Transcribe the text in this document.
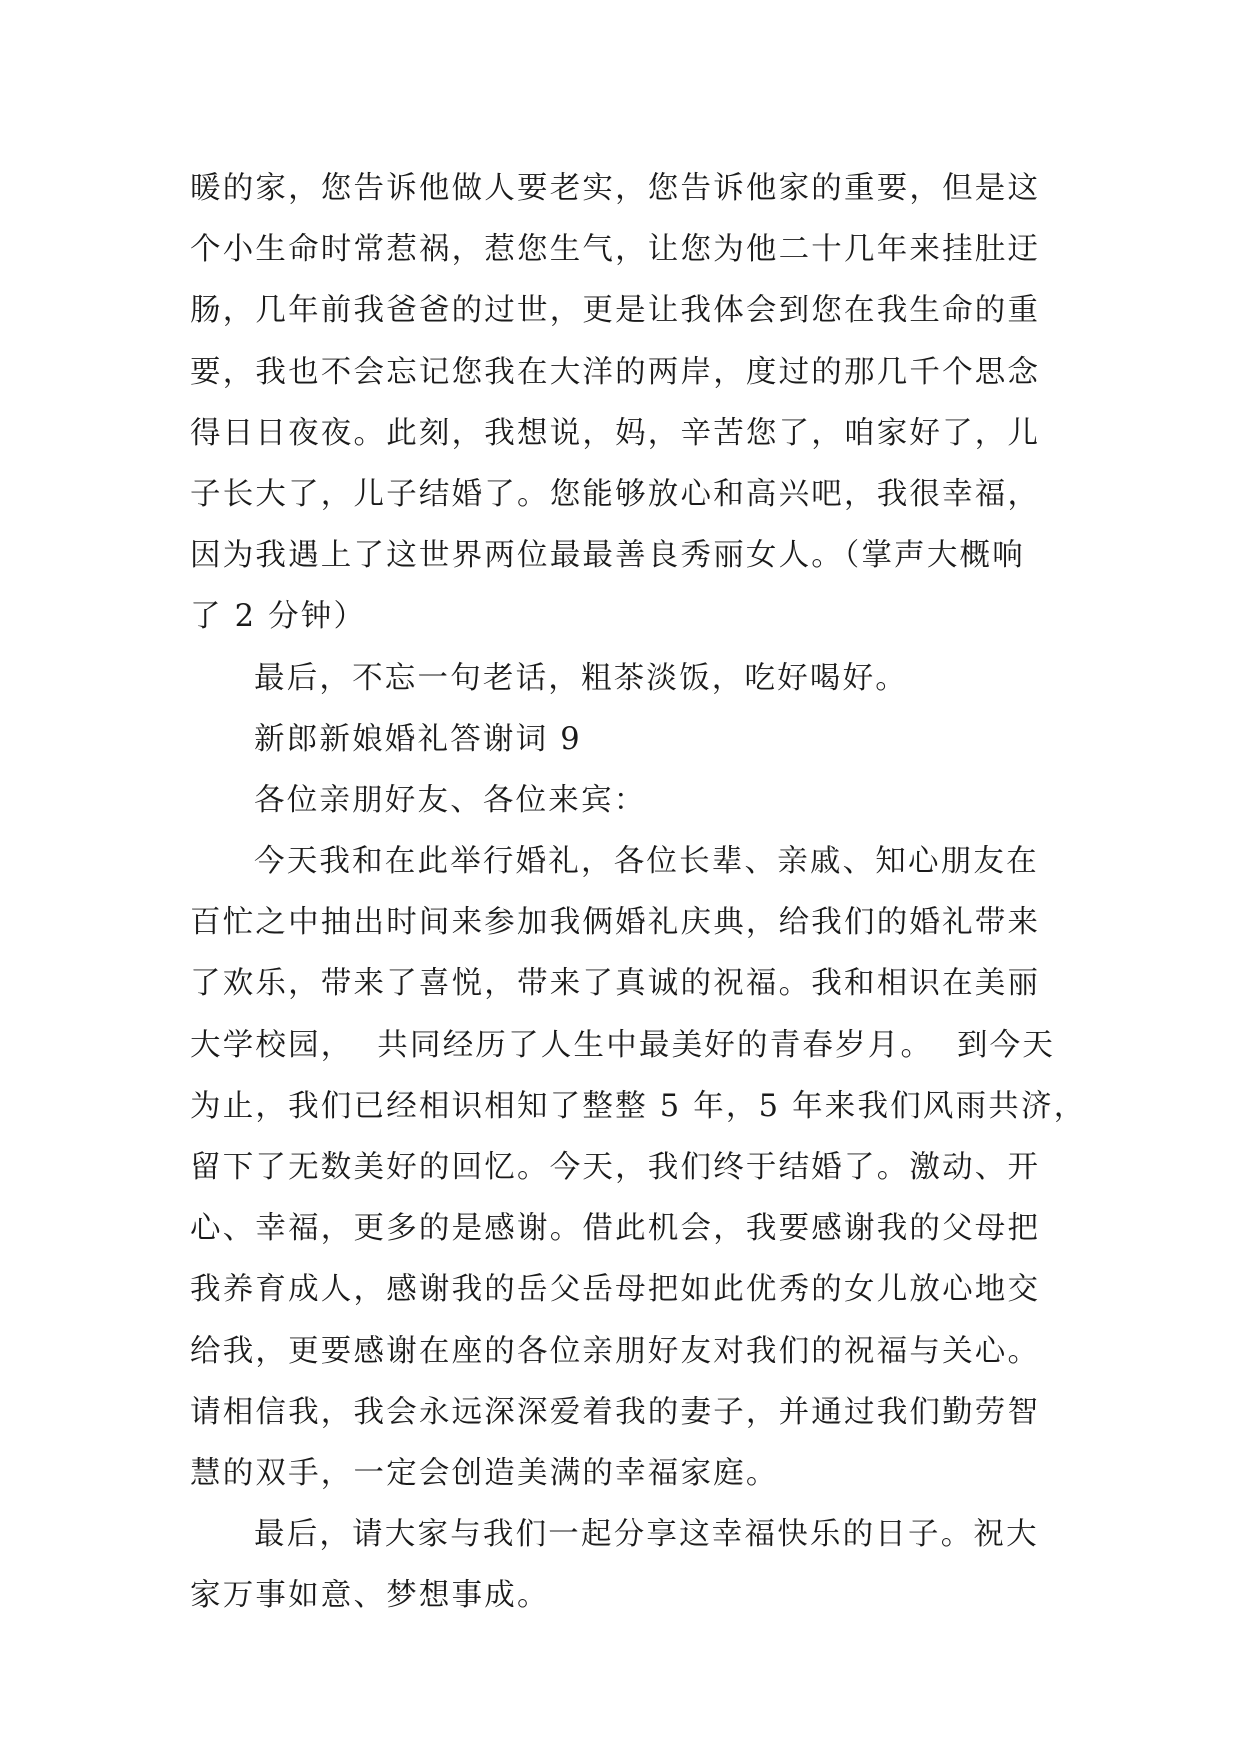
暖的家，您告诉他做人要老实，您告诉他家的重要，但是这
个小生命时常惹祸，惹您生气，让您为他二十几年来挂肚迂
肠，几年前我爸爸的过世，更是让我体会到您在我生命的重
要，我也不会忘记您我在大洋的两岸，度过的那几千个思念
得日日夜夜。此刻，我想说，妈，辛苦您了，咱家好了，儿
子长大了，儿子结婚了。您能够放心和高兴吧，我很幸福，
因为我遇上了这世界两位最最善良秀丽女人。（掌声大概响
了 2 分钟）
最后，不忘一句老话，粗茶淡饭，吃好喝好。
新郎新娘婚礼答谢词 9
各位亲朋好友、各位来宾：
今天我和在此举行婚礼，各位长辈、亲戚、知心朋友在
百忙之中抽出时间来参加我俩婚礼庆典，给我们的婚礼带来
了欢乐，带来了喜悦，带来了真诚的祝福。我和相识在美丽
大学校园，  共同经历了人生中最美好的青春岁月。  到今天
为止，我们已经相识相知了整整 5 年，5 年来我们风雨共济，
留下了无数美好的回忆。今天，我们终于结婚了。激动、开
心、幸福，更多的是感谢。借此机会，我要感谢我的父母把
我养育成人，感谢我的岳父岳母把如此优秀的女儿放心地交
给我，更要感谢在座的各位亲朋好友对我们的祝福与关心。
请相信我，我会永远深深爱着我的妻子，并通过我们勤劳智
慧的双手，一定会创造美满的幸福家庭。
最后，请大家与我们一起分享这幸福快乐的日子。祝大
家万事如意、梦想事成。
